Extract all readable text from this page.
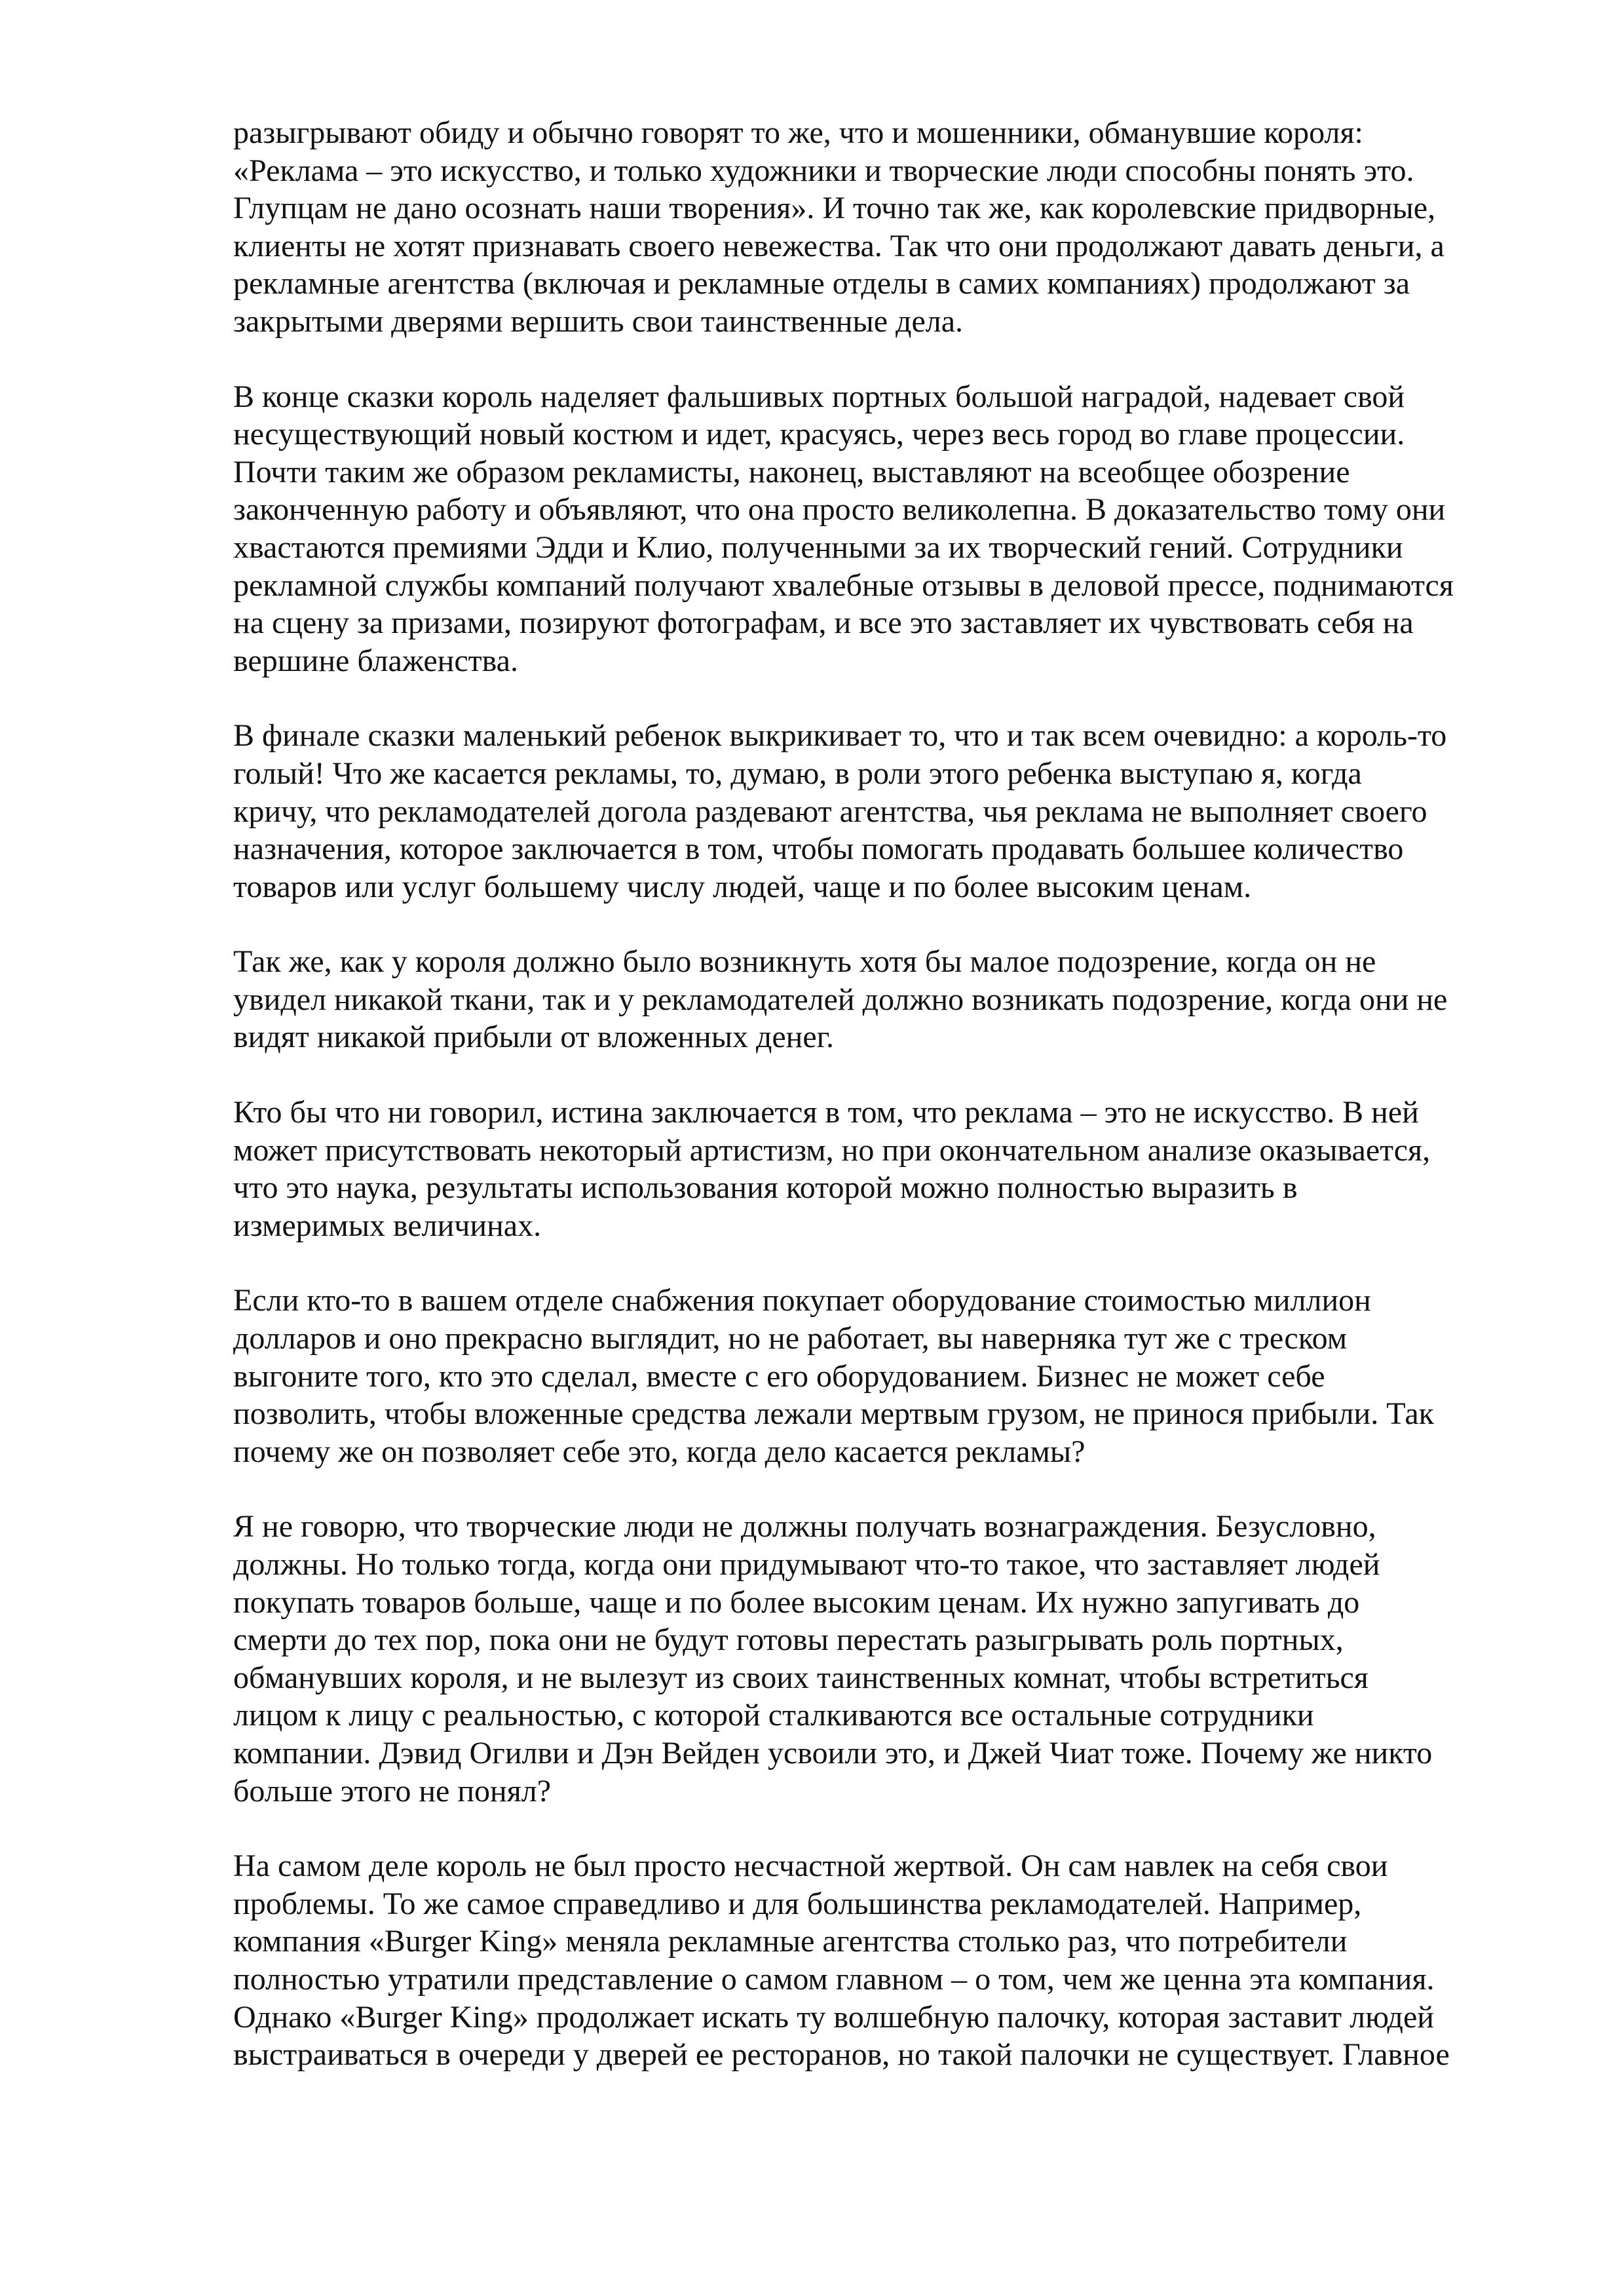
разыгрывают обиду и обычно говорят то же, что и мошенники, обманувшие короля:
«Реклама – это искусство, и только художники и творческие люди способны понять это.
Глупцам не дано осознать наши творения». И точно так же, как королевские придворные,
клиенты не хотят признавать своего невежества. Так что они продолжают давать деньги, а
рекламные агентства (включая и рекламные отделы в самих компаниях) продолжают за
закрытыми дверями вершить свои таинственные дела.
В конце сказки король наделяет фальшивых портных большой наградой, надевает свой
несуществующий новый костюм и идет, красуясь, через весь город во главе процессии.
Почти таким же образом рекламисты, наконец, выставляют на всеобщее обозрение
законченную работу и объявляют, что она просто великолепна. В доказательство тому они
хвастаются премиями Эдди и Клио, полученными за их творческий гений. Сотрудники
рекламной службы компаний получают хвалебные отзывы в деловой прессе, поднимаются
на сцену за призами, позируют фотографам, и все это заставляет их чувствовать себя на
вершине блаженства.
В финале сказки маленький ребенок выкрикивает то, что и так всем очевидно: а король-то
голый! Что же касается рекламы, то, думаю, в роли этого ребенка выступаю я, когда
кричу, что рекламодателей догола раздевают агентства, чья реклама не выполняет своего
назначения, которое заключается в том, чтобы помогать продавать большее количество
товаров или услуг большему числу людей, чаще и по более высоким ценам.
Так же, как у короля должно было возникнуть хотя бы малое подозрение, когда он не
увидел никакой ткани, так и у рекламодателей должно возникать подозрение, когда они не
видят никакой прибыли от вложенных денег.
Кто бы что ни говорил, истина заключается в том, что реклама – это не искусство. В ней
может присутствовать некоторый артистизм, но при окончательном анализе оказывается,
что это наука, результаты использования которой можно полностью выразить в
измеримых величинах.
Если кто-то в вашем отделе снабжения покупает оборудование стоимостью миллион
долларов и оно прекрасно выглядит, но не работает, вы наверняка тут же с треском
выгоните того, кто это сделал, вместе с его оборудованием. Бизнес не может себе
позволить, чтобы вложенные средства лежали мертвым грузом, не принося прибыли. Так
почему же он позволяет себе это, когда дело касается рекламы?
Я не говорю, что творческие люди не должны получать вознаграждения. Безусловно,
должны. Но только тогда, когда они придумывают что-то такое, что заставляет людей
покупать товаров больше, чаще и по более высоким ценам. Их нужно запугивать до
смерти до тех пор, пока они не будут готовы перестать разыгрывать роль портных,
обманувших короля, и не вылезут из своих таинственных комнат, чтобы встретиться
лицом к лицу с реальностью, с которой сталкиваются все остальные сотрудники
компании. Дэвид Огилви и Дэн Вейден усвоили это, и Джей Чиат тоже. Почему же никто
больше этого не понял?
На самом деле король не был просто несчастной жертвой. Он сам навлек на себя свои
проблемы. То же самое справедливо и для большинства рекламодателей. Например,
компания «Burger King» меняла рекламные агентства столько раз, что потребители
полностью утратили представление о самом главном – о том, чем же ценна эта компания.
Однако «Burger King» продолжает искать ту волшебную палочку, которая заставит людей
выстраиваться в очереди у дверей ее ресторанов, но такой палочки не существует. Главное
